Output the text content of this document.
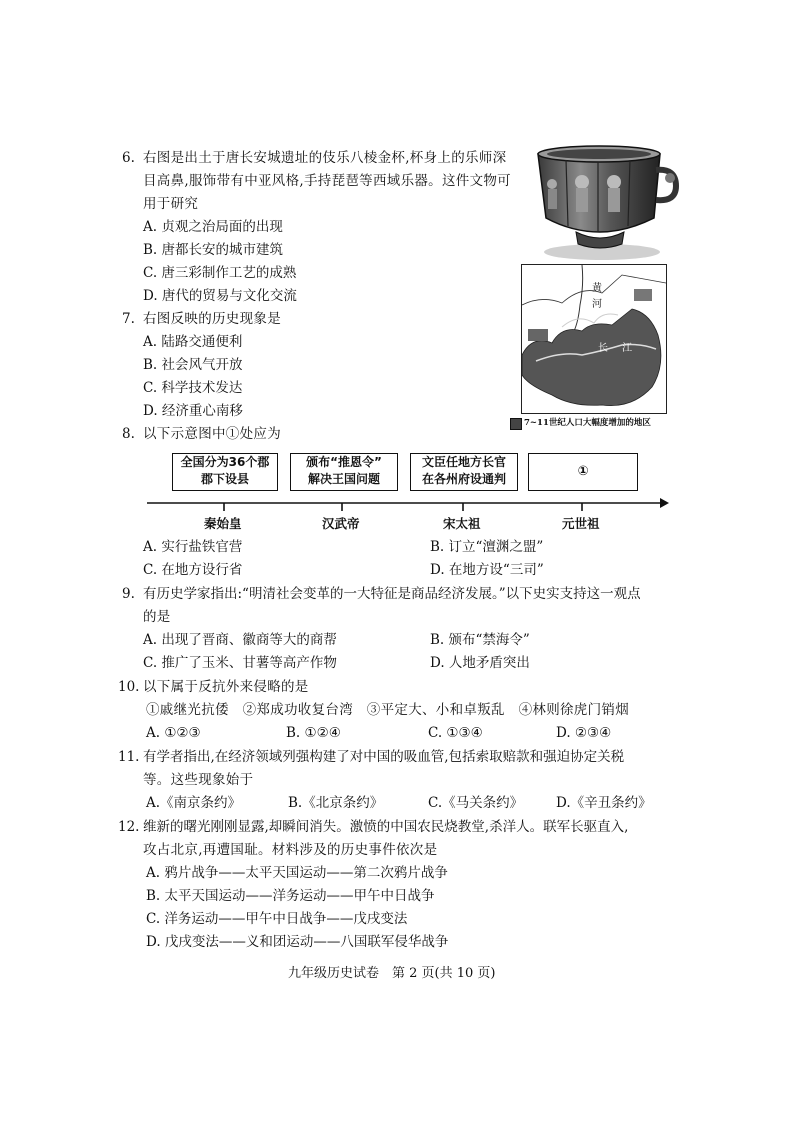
6. 右图是出土于唐长安城遗址的伎乐八棱金杯,杯身上的乐师深
目高鼻,服饰带有中亚风格,手持琵琶等西域乐器。这件文物可
用于研究
A. 贞观之治局面的出现
B. 唐都长安的城市建筑
C. 唐三彩制作工艺的成熟
D. 唐代的贸易与文化交流
7. 右图反映的历史现象是
A. 陆路交通便利
B. 社会风气开放
C. 科学技术发达
D. 经济重心南移
黄
河
长 江
7~11世纪人口大幅度增加的地区
8. 以下示意图中①处应为
全国分为36个郡
郡下设县
颁布“推恩令”
解决王国问题
文臣任地方长官
在各州府设通判	①
秦始皇	汉武帝	宋太祖	元世祖
A. 实行盐铁官营	B. 订立“澶渊之盟”
C. 在地方设行省	D. 在地方设“三司”
9. 有历史学家指出:“明清社会变革的一大特征是商品经济发展。”以下史实支持这一观点
的是
A. 出现了晋商、徽商等大的商帮	B. 颁布“禁海令”
C. 推广了玉米、甘薯等高产作物	D. 人地矛盾突出
10. 以下属于反抗外来侵略的是
①戚继光抗倭　②郑成功收复台湾　③平定大、小和卓叛乱　④林则徐虎门销烟
A. ①②③	B. ①②④	C. ①③④	D. ②③④
11. 有学者指出,在经济领域列强构建了对中国的吸血管,包括索取赔款和强迫协定关税
等。这些现象始于
A.《南京条约》	B.《北京条约》	C.《马关条约》 D.《辛丑条约》
12. 维新的曙光刚刚显露,却瞬间消失。激愤的中国农民烧教堂,杀洋人。联军长驱直入,
攻占北京,再遭国耻。材料涉及的历史事件依次是
A. 鸦片战争——太平天国运动——第二次鸦片战争
B. 太平天国运动——洋务运动——甲午中日战争
C. 洋务运动——甲午中日战争——戊戌变法
D. 戊戌变法——义和团运动——八国联军侵华战争
九年级历史试卷　第 2 页(共 10 页)
